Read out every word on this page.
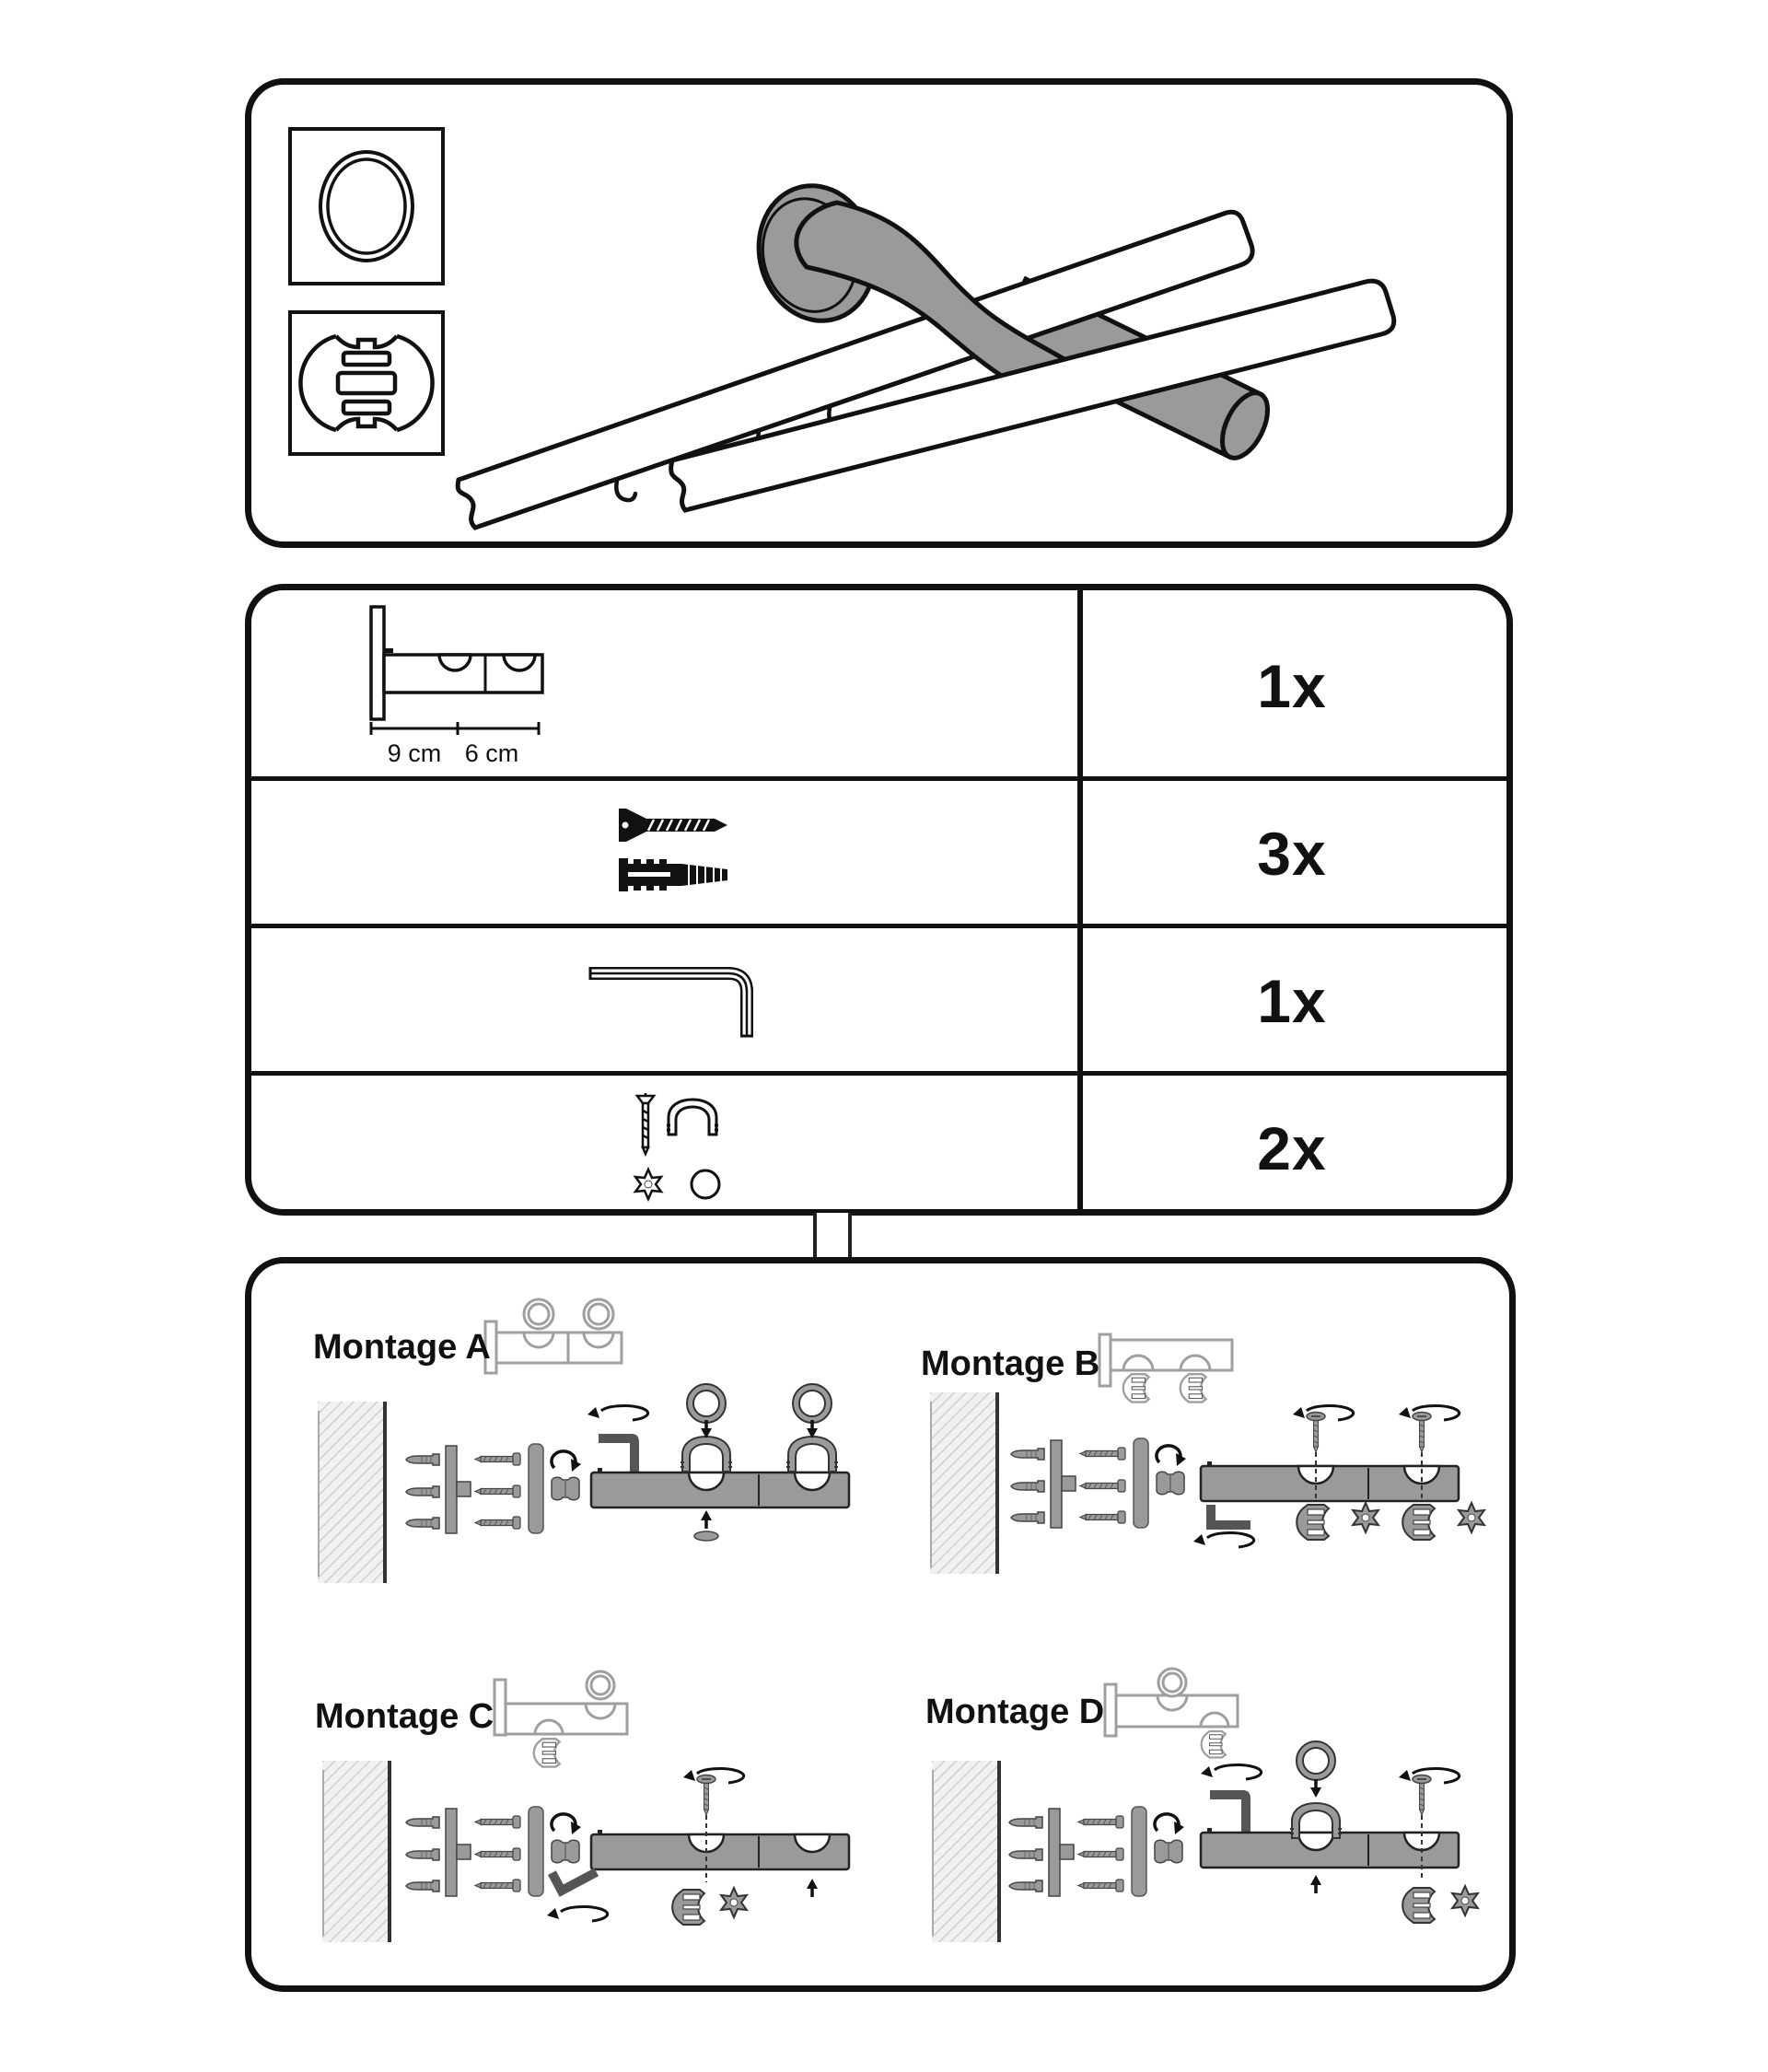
9 cm 6 cm
1x
3x
1x
2x
Montage A	Montage B
Montage C	Montage D
